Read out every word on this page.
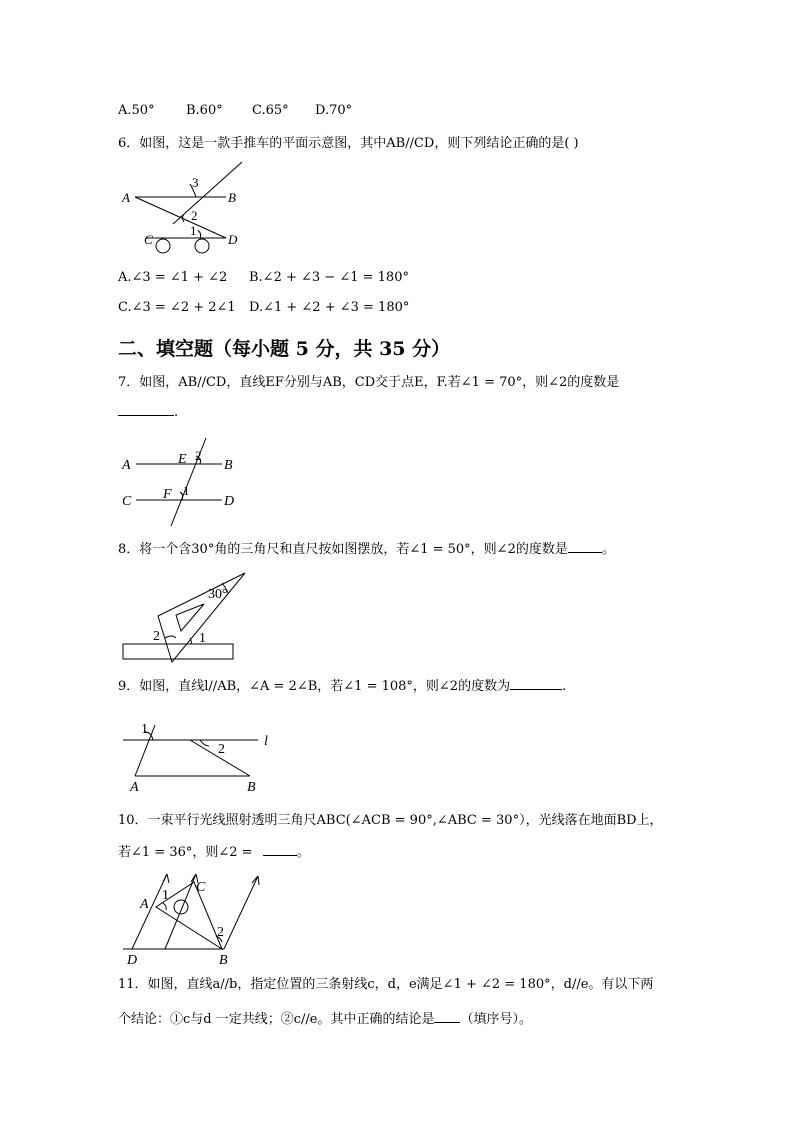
A.50° B.60° C.65° D.70°
6．如图，这是一款手推车的平面示意图，其中AB//CD，则下列结论正确的是( )
A	B
C	D
3
2
1
A.∠3 = ∠1 + ∠2 B.∠2 + ∠3 − ∠1 = 180°
C.∠3 = ∠2 + 2∠1 D.∠1 + ∠2 + ∠3 = 180°
二、填空题（每小题 5 分，共 35 分）
7．如图，AB//CD，直线EF分别与AB，CD交于点E，F.若∠1 = 70°，则∠2的度数是
.
A	B
C	D
E
F
2
1
8．将一个含30°角的三角尺和直尺按如图摆放，若∠1 = 50°，则∠2的度数是	。
30°
2	1
9．如图，直线l//AB，∠A = 2∠B，若∠1 = 108°，则∠2的度数为	.
l
A	B
1
2
10．一束平行光线照射透明三角尺ABC(∠ACB = 90°,∠ABC = 30°），光线落在地面BD上，
若∠1 = 36°，则∠2 =	。
A
C
D	B
1
2
11．如图，直线a//b，指定位置的三条射线c，d，e满足∠1 + ∠2 = 180°，d//e。有以下两
个结论：①c与d 一定共线；②c//e。其中正确的结论是 （填序号）。
